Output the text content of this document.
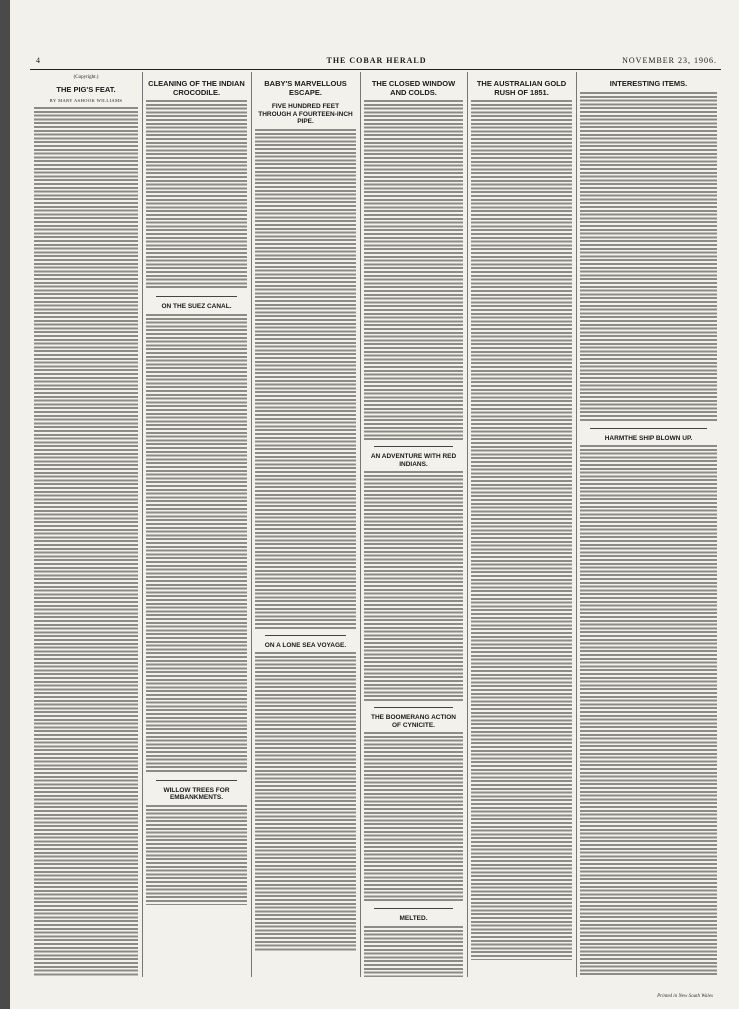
4	THE COBAR HERALD	NOVEMBER 23, 1906.
(Copyright.)
THE PIG'S FEAT.
BY MARY ASHOOK WILLIAMS
CLEANING OF THE INDIAN CROCODILE.
ON THE SUEZ CANAL.
WILLOW TREES FOR EMBANKMENTS.
BABY'S MARVELLOUS ESCAPE.
FIVE HUNDRED FEET THROUGH A FOURTEEN-INCH PIPE.
ON A LONE SEA VOYAGE.
THE CLOSED WINDOW AND COLDS.
AN ADVENTURE WITH RED INDIANS.
THE BOOMERANG ACTION OF CYNICITE.
MELTED.
THE AUSTRALIAN GOLD RUSH OF 1851.
INTERESTING ITEMS.
HARMTHE SHIP BLOWN UP.
Printed in New South Wales
